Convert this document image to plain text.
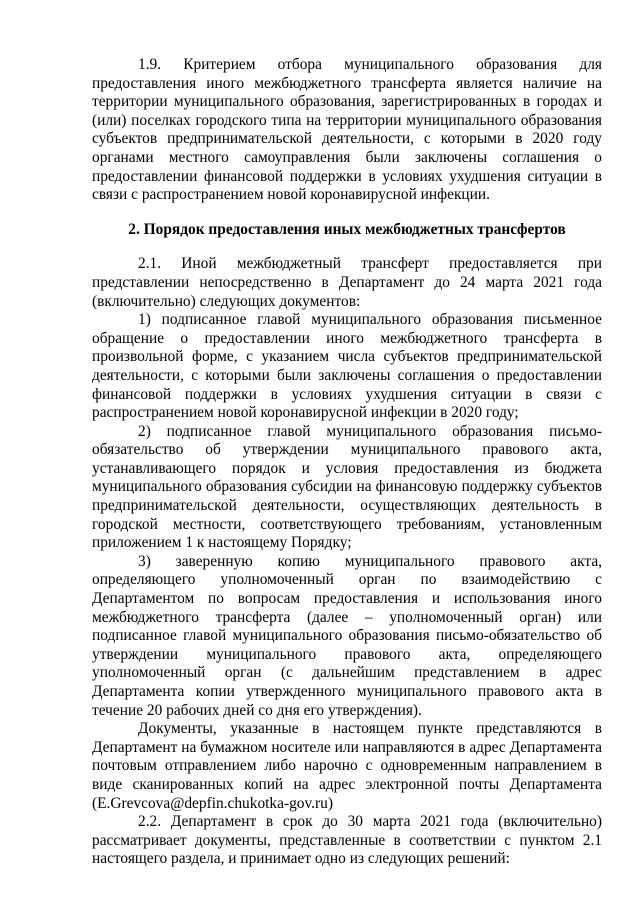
1.9. Критерием отбора муниципального образования для предоставления иного межбюджетного трансферта является наличие на территории муниципального образования, зарегистрированных в городах и (или) поселках городского типа на территории муниципального образования субъектов предпринимательской деятельности, с которыми в 2020 году органами местного самоуправления были заключены соглашения о предоставлении финансовой поддержки в условиях ухудшения ситуации в связи с распространением новой коронавирусной инфекции.

2. Порядок предоставления иных межбюджетных трансфертов

2.1. Иной межбюджетный трансферт предоставляется при представлении непосредственно в Департамент до 24 марта 2021 года (включительно) следующих документов:

1) подписанное главой муниципального образования письменное обращение о предоставлении иного межбюджетного трансферта в произвольной форме, с указанием числа субъектов предпринимательской деятельности, с которыми были заключены соглашения о предоставлении финансовой поддержки в условиях ухудшения ситуации в связи с распространением новой коронавирусной инфекции в 2020 году;

2) подписанное главой муниципального образования письмо-обязательство об утверждении муниципального правового акта, устанавливающего порядок и условия предоставления из бюджета муниципального образования субсидии на финансовую поддержку субъектов предпринимательской деятельности, осуществляющих деятельность в городской местности, соответствующего требованиям, установленным приложением 1 к настоящему Порядку;

3) заверенную копию муниципального правового акта, определяющего уполномоченный орган по взаимодействию с Департаментом по вопросам предоставления и использования иного межбюджетного трансферта (далее – уполномоченный орган) или подписанное главой муниципального образования письмо-обязательство об утверждении муниципального правового акта, определяющего уполномоченный орган (с дальнейшим представлением в адрес Департамента копии утвержденного муниципального правового акта в течение 20 рабочих дней со дня его утверждения).

Документы, указанные в настоящем пункте представляются в Департамент на бумажном носителе или направляются в адрес Департамента почтовым отправлением либо нарочно с одновременным направлением в виде сканированных копий на адрес электронной почты Департамента (E.Grevcova@depfin.chukotka-gov.ru)

2.2. Департамент в срок до 30 марта 2021 года (включительно) рассматривает документы, представленные в соответствии с пунктом 2.1 настоящего раздела, и принимает одно из следующих решений:
